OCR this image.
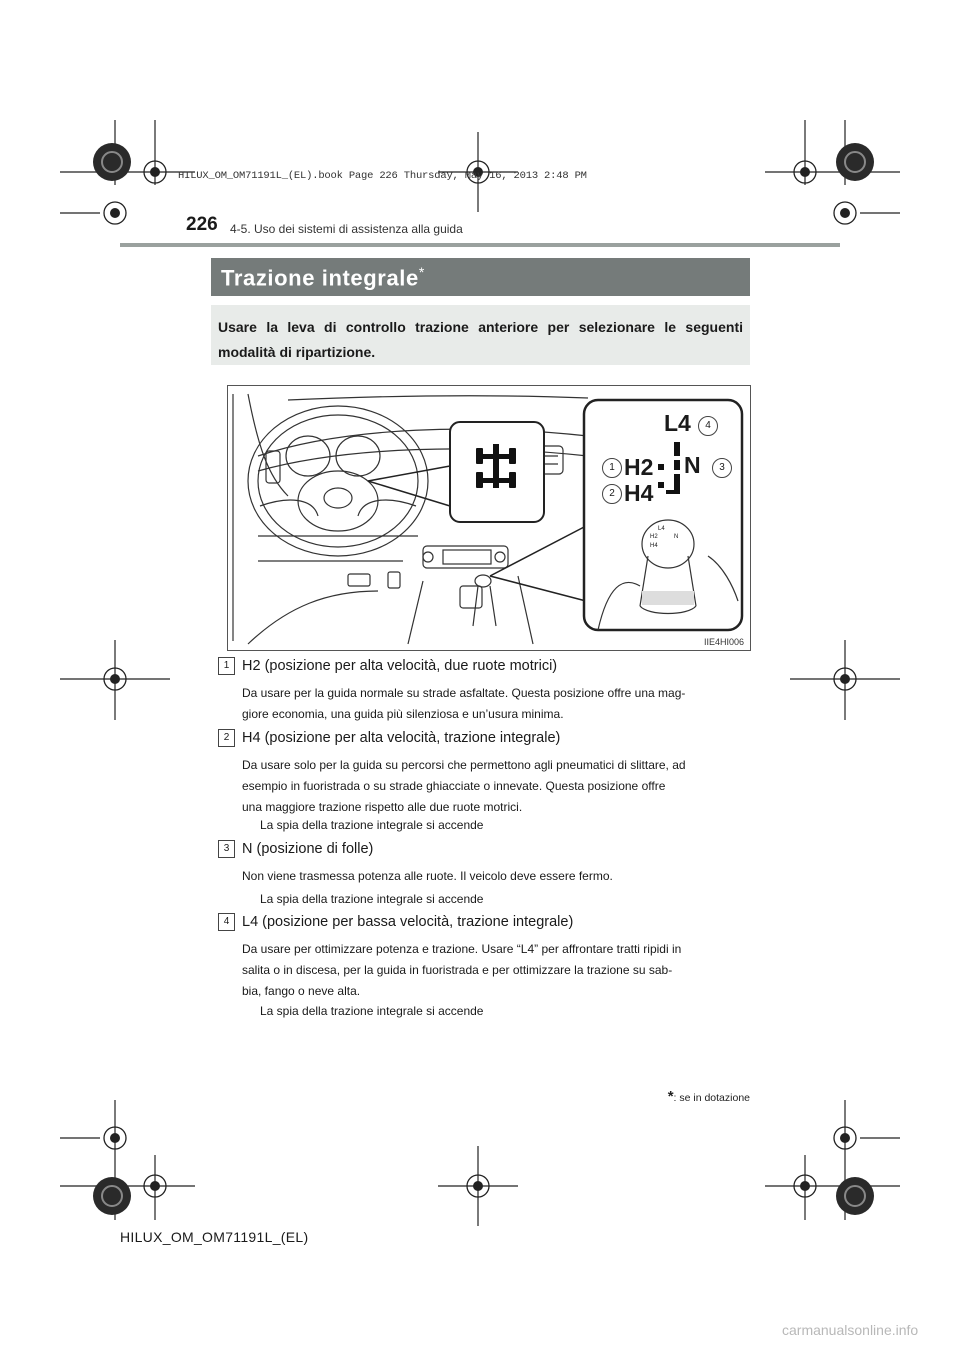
HILUX_OM_OM71191L_(EL).book Page 226 Thursday, May 16, 2013 2:48 PM
226 4-5. Uso dei sistemi di assistenza alla guida
Trazione integrale*
Usare la leva di controllo trazione anteriore per selezionare le seguenti modalità di ripartizione.
L4
H2
H4
N
4
1
2
3
L4
H2	N
H4
IIE4HI006
1 H2 (posizione per alta velocità, due ruote motrici)
Da usare per la guida normale su strade asfaltate. Questa posizione offre una mag-
giore economia, una guida più silenziosa e un’usura minima.
2 H4 (posizione per alta velocità, trazione integrale)
Da usare solo per la guida su percorsi che permettono agli pneumatici di slittare, ad
esempio in fuoristrada o su strade ghiacciate o innevate. Questa posizione offre
una maggiore trazione rispetto alle due ruote motrici.
La spia della trazione integrale si accende
3 N (posizione di folle)
Non viene trasmessa potenza alle ruote. Il veicolo deve essere fermo.
La spia della trazione integrale si accende
4 L4 (posizione per bassa velocità, trazione integrale)
Da usare per ottimizzare potenza e trazione. Usare “L4” per affrontare tratti ripidi in
salita o in discesa, per la guida in fuoristrada e per ottimizzare la trazione su sab-
bia, fango o neve alta.
La spia della trazione integrale si accende
*: se in dotazione
HILUX_OM_OM71191L_(EL)
carmanualsonline.info
